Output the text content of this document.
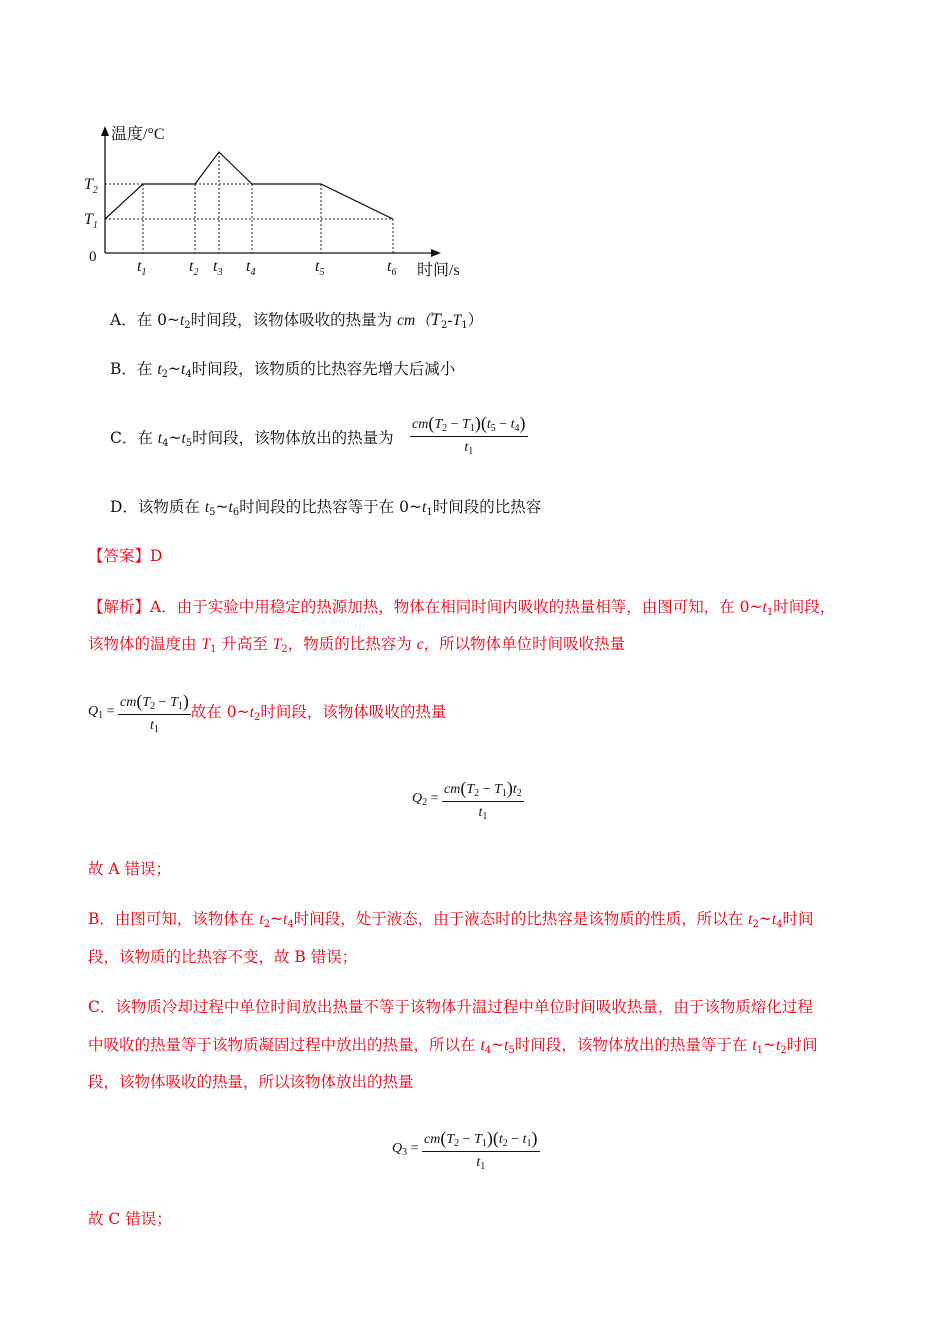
温度/°C
时间/s
0
$T_1$
$T_2$
$t_1$	$t_2$ $t_3$ $t_4$	$t_5$	$t_6$
A．在 $0\sim t_2$时间段，该物体吸收的热量为 $cm(T_2-T_1)$
B．在 $t_2\sim t_4$时间段，该物质的比热容先增大后减小
C．在 $t_4\sim t_5$时间段，该物体放出的热量为 $\frac{cm(T_2 - T_1)(t_5 - t_4)}{t_1}$
D．该物质在 $t_5\sim t_6$时间段的比热容等于在 $0\sim t_1$时间段的比热容
【答案】D
【解析】A．由于实验中用稳定的热源加热，物体在相同时间内吸收的热量相等，由图可知，在 $0\sim t_1$时间段，
该物体的温度由 $T_1$ 升高至 $T_2$，物质的比热容为 c，所以物体单位时间吸收热量
$Q_1 = \frac{cm(T_2 - T_1)}{t_1}$ 故在 $0\sim t_2$时间段，该物体吸收的热量
$Q_2 = \frac{cm(T_2 - T_1)t_2}{t_1}$
故 A 错误；
B．由图可知，该物体在 $t_2\sim t_4$时间段，处于液态，由于液态时的比热容是该物质的性质，所以在 $t_2\sim t_4$时间
段，该物质的比热容不变，故 B 错误；
C．该物质冷却过程中单位时间放出热量不等于该物体升温过程中单位时间吸收热量，由于该物质熔化过程
中吸收的热量等于该物质凝固过程中放出的热量，所以在 $t_4\sim t_5$时间段，该物体放出的热量等于在 $t_1\sim t_2$时间
段，该物体吸收的热量，所以该物体放出的热量
$Q_3 = \frac{cm(T_2 - T_1)(t_2 - t_1)}{t_1}$
故 C 错误；
